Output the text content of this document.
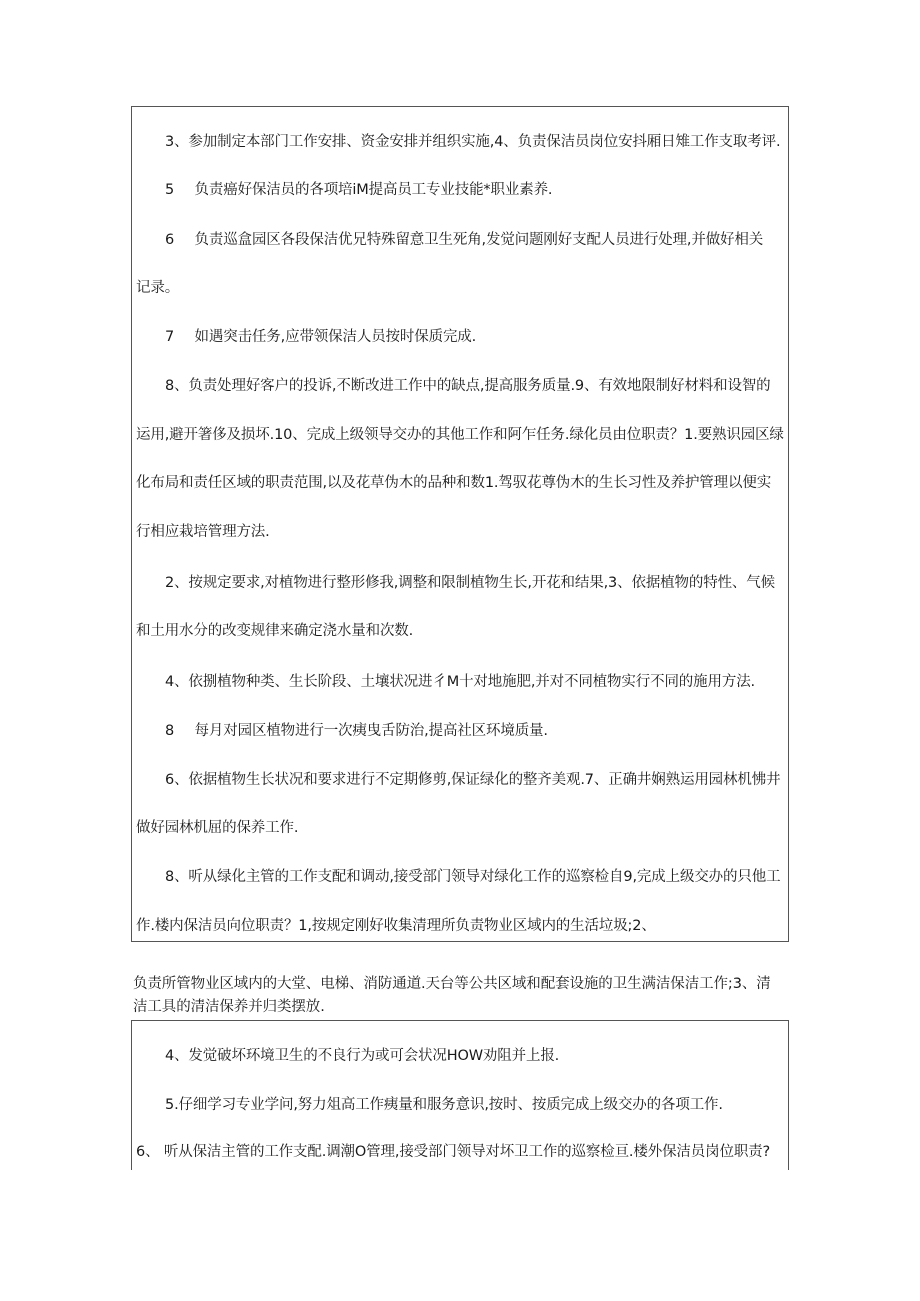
3、参加制定本部门工作安排、资金安排并组织实施,4、负责保洁员岗位安抖厢日雉工作支取考评.
5 负责癌好保洁员的各项培iM提高员工专业技能*职业素养.
6 负责巡盒园区各段保洁优兄特殊留意卫生死角,发觉问题刚好支配人员进行处理,并做好相关
记录。
7 如遇突击任务,应带领保洁人员按时保质完成.
8、负责处理好客户的投诉,不断改进工作中的缺点,提高服务质量.9、有效地限制好材料和设智的
运用,避开箸侈及损坏.10、完成上级领导交办的其他工作和阿乍任务.绿化员由位职责？1.要熟识园区绿
化布局和责任区域的职责范围,以及花草伪木的品种和数1.驾驭花尊伪木的生长习性及养护管理以便实
行相应栽培管理方法.
2、按规定要求,对植物进行整形修我,调整和限制植物生长,开花和结果,3、依据植物的特性、气候
和土用水分的改变规律来确定浇水量和次数.
4、依捌植物种类、生长阶段、土壤状况进彳M十对地施肥,并对不同植物实行不同的施用方法.
8 每月对园区植物进行一次痍曳舌防治,提高社区环境质量.
6、依据植物生长状况和要求进行不定期修剪,保证绿化的整齐美观.7、正确井娴熟运用园林机怫井
做好园林机屈的保养工作.
8、听从绿化主管的工作支配和调动,接受部门领导对绿化工作的巡察检自9,完成上级交办的只他工
作.楼内保洁员向位职责？1,按规定刚好收集清理所负责物业区域内的生活垃圾;2、
负责所管物业区域内的大堂、电梯、消防通道.天台等公共区域和配套设施的卫生满洁保洁工作;3、清
洁工具的清洁保养并归类摆放.
4、发觉破坏环境卫生的不良行为或可会状况HOW劝阻并上报.
5.仔细学习专业学问,努力俎高工作痍量和服务意识,按时、按质完成上级交办的各项工作.
6、 听从保洁主管的工作支配.调潮O管理,接受部门领导对坏卫工作的巡察检亘.楼外保洁员岗位职责?
